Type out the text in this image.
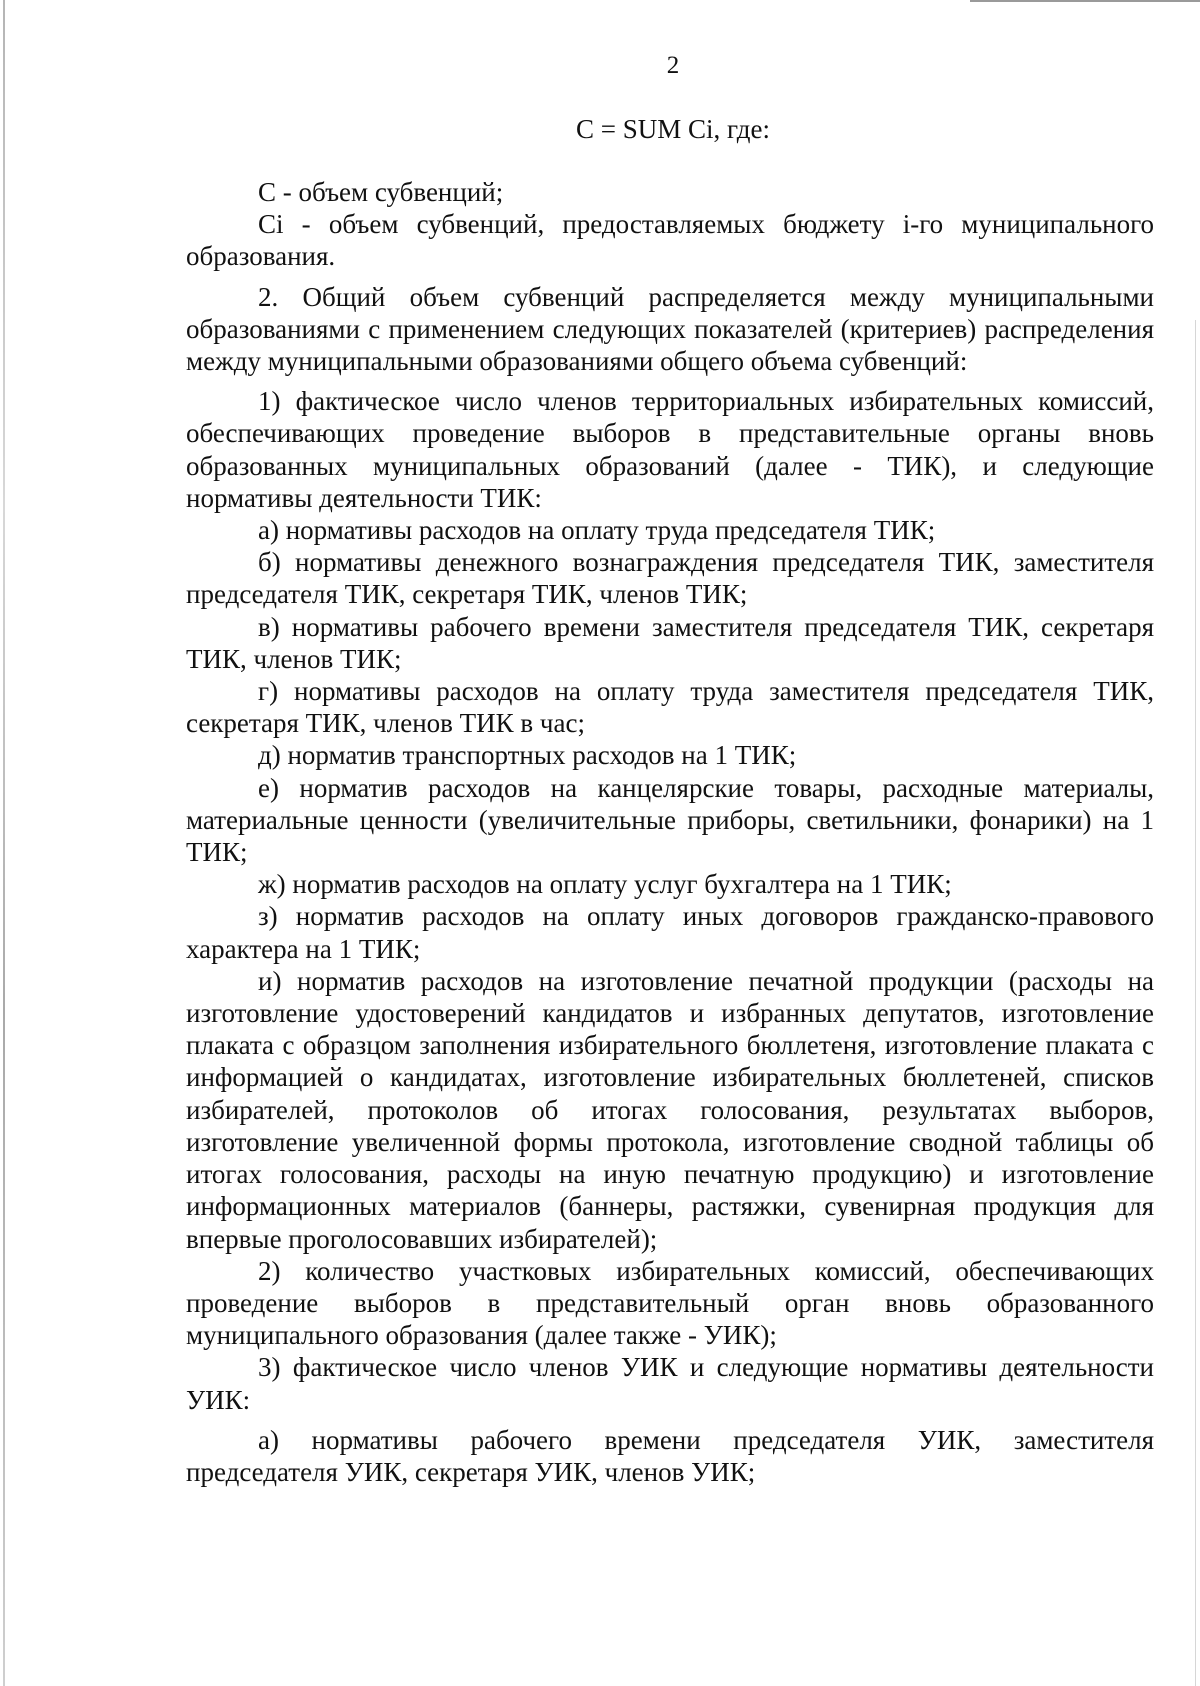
2
C = SUM Ci, где:

C - объем субвенций;

Ci - объем субвенций, предоставляемых бюджету i-го муниципального образования.

2. Общий объем субвенций распределяется между муниципальными образованиями с применением следующих показателей (критериев) распределения между муниципальными образованиями общего объема субвенций:

1) фактическое число членов территориальных избирательных комиссий, обеспечивающих проведение выборов в представительные органы вновь образованных муниципальных образований (далее - ТИК), и следующие нормативы деятельности ТИК:

а) нормативы расходов на оплату труда председателя ТИК;

б) нормативы денежного вознаграждения председателя ТИК, заместителя председателя ТИК, секретаря ТИК, членов ТИК;

в) нормативы рабочего времени заместителя председателя ТИК, секретаря ТИК, членов ТИК;

г) нормативы расходов на оплату труда заместителя председателя ТИК, секретаря ТИК, членов ТИК в час;

д) норматив транспортных расходов на 1 ТИК;

е) норматив расходов на канцелярские товары, расходные материалы, материальные ценности (увеличительные приборы, светильники, фонарики) на 1 ТИК;

ж) норматив расходов на оплату услуг бухгалтера на 1 ТИК;

з) норматив расходов на оплату иных договоров гражданско-правового характера на 1 ТИК;

и) норматив расходов на изготовление печатной продукции (расходы на изготовление удостоверений кандидатов и избранных депутатов, изготовление плаката с образцом заполнения избирательного бюллетеня, изготовление плаката с информацией о кандидатах, изготовление избирательных бюллетеней, списков избирателей, протоколов об итогах голосования, результатах выборов, изготовление увеличенной формы протокола, изготовление сводной таблицы об итогах голосования, расходы на иную печатную продукцию) и изготовление информационных материалов (баннеры, растяжки, сувенирная продукция для впервые проголосовавших избирателей);

2) количество участковых избирательных комиссий, обеспечивающих проведение выборов в представительный орган вновь образованного муниципального образования (далее также - УИК);

3) фактическое число членов УИК и следующие нормативы деятельности УИК:

а) нормативы рабочего времени председателя УИК, заместителя председателя УИК, секретаря УИК, членов УИК;
